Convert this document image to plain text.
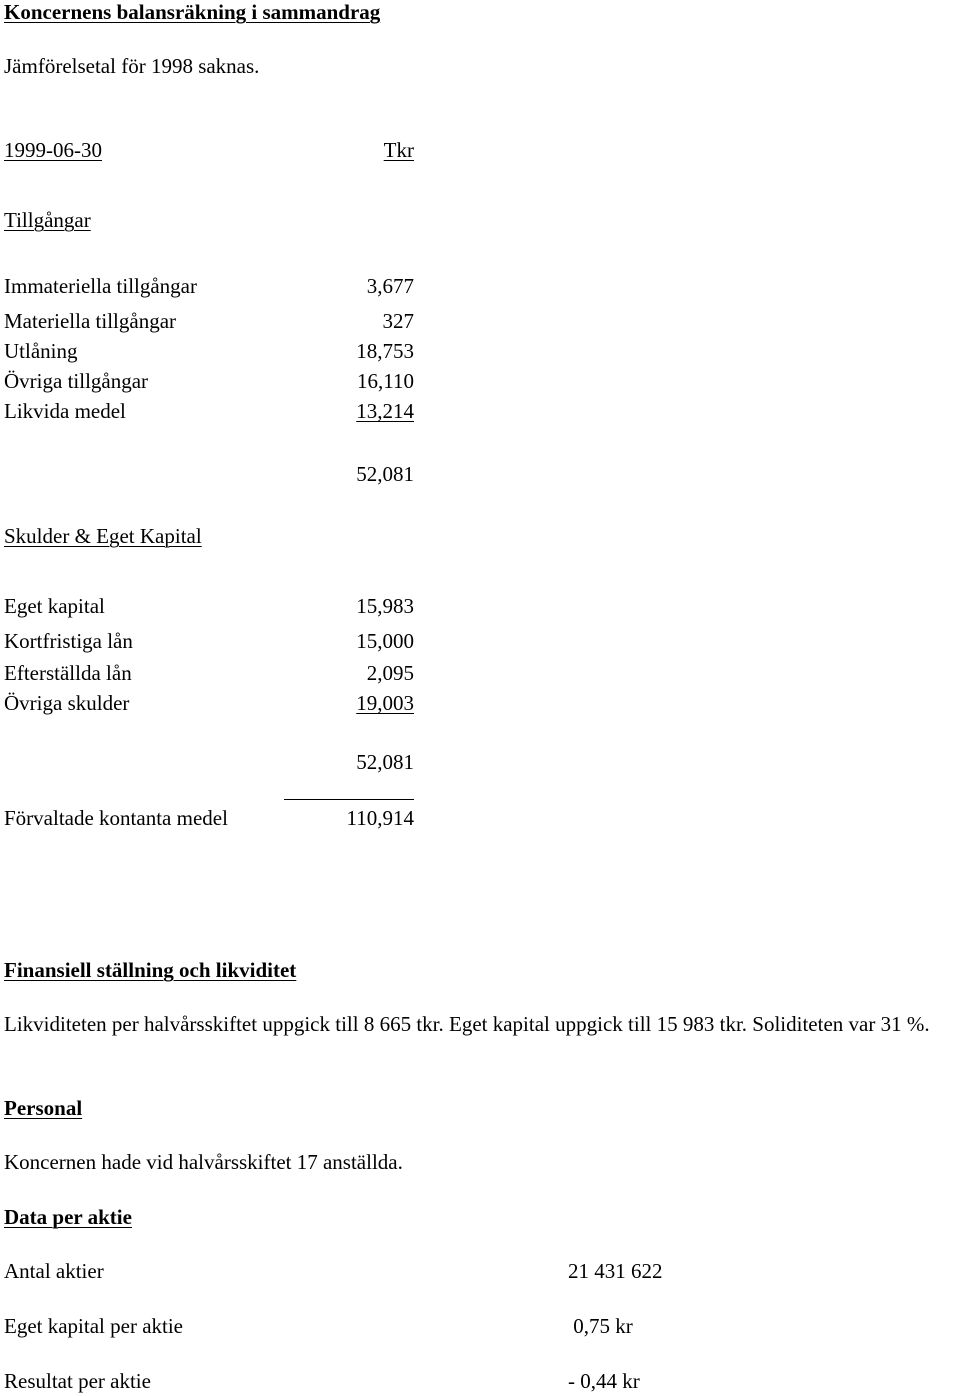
Koncernens balansräkning i sammandrag
Jämförelsetal för 1998 saknas.
1999-06-30	Tkr
Tillgångar
Immateriella tillgångar	3,677
Materiella tillgångar	327
Utlåning	18,753
Övriga tillgångar	16,110
Likvida medel	13,214
52,081
Skulder & Eget Kapital
Eget kapital	15,983
Kortfristiga lån	15,000
Efterställda lån	2,095
Övriga skulder	19,003
52,081
Förvaltade kontanta medel	110,914
Finansiell ställning och likviditet
Likviditeten per halvårsskiftet uppgick till 8 665 tkr. Eget kapital uppgick till 15 983 tkr. Soliditeten var 31 %.
Personal
Koncernen hade vid halvårsskiftet 17 anställda.
Data per aktie
Antal aktier	21 431 622
Eget kapital per aktie	0,75 kr
Resultat per aktie	- 0,44 kr
